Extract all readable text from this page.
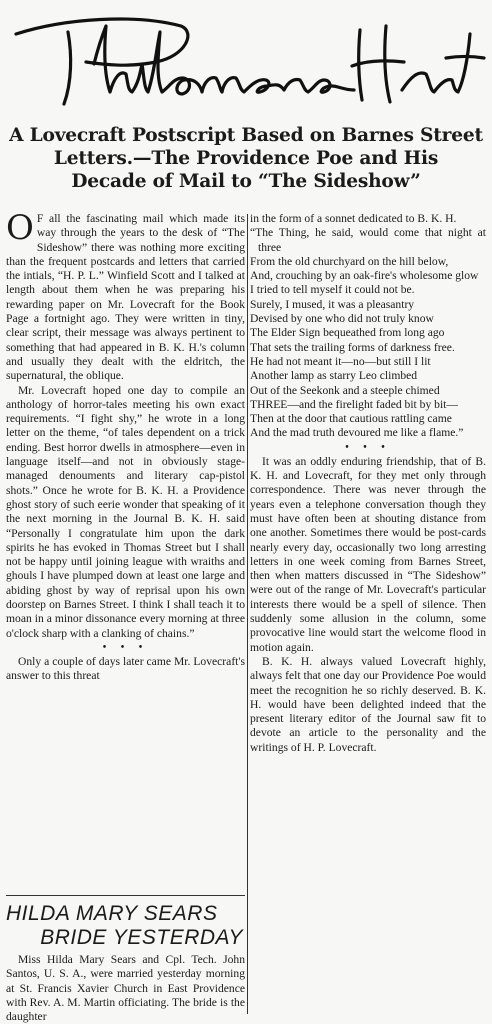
A Lovecraft Postscript Based on Barnes Street
Letters.—The Providence Poe and His
Decade of Mail to “The Sideshow”

O F all the fascinating mail which made its way through the years to the desk of “The Sideshow” there was nothing more exciting than the frequent postcards and letters that carried the intials, “H. P. L.” Winfield Scott and I talked at length about them when he was preparing his rewarding paper on Mr. Lovecraft for the Book Page a fortnight ago. They were written in tiny, clear script, their message was always pertinent to something that had appeared in B. K. H.'s column and usually they dealt with the eldritch, the supernatural, the oblique.

Mr. Lovecraft hoped one day to compile an anthology of horror-tales meeting his own exact requirements. “I fight shy,” he wrote in a long letter on the theme, “of tales dependent on a trick ending. Best horror dwells in atmosphere—even in language itself—and not in obviously stage-managed denouments and literary cap-pistol shots.” Once he wrote for B. K. H. a Providence ghost story of such eerie wonder that speaking of it the next morning in the Journal B. K. H. said “Personally I congratulate him upon the dark spirits he has evoked in Thomas Street but I shall not be happy until joining league with wraiths and ghouls I have plumped down at least one large and abiding ghost by way of reprisal upon his own doorstep on Barnes Street. I think I shall teach it to moan in a minor dissonance every morning at three o'clock sharp with a clanking of chains.”

• • •

Only a couple of days later came Mr. Lovecraft's answer to this threat

HILDA MARY SEARS
BRIDE YESTERDAY

Miss Hilda Mary Sears and Cpl. Tech. John Santos, U. S. A., were married yesterday morning at St. Francis Xavier Church in East Providence with Rev. A. M. Martin officiating. The bride is the daughter

in the form of a sonnet dedicated to B. K. H.

“The Thing, he said, would come that night at three

From the old churchyard on the hill below,

And, crouching by an oak-fire's wholesome glow

I tried to tell myself it could not be.

Surely, I mused, it was a pleasantry

Devised by one who did not truly know

The Elder Sign bequeathed from long ago

That sets the trailing forms of darkness free.

He had not meant it—no—but still I lit

Another lamp as starry Leo climbed

Out of the Seekonk and a steeple chimed

THREE—and the firelight faded bit by bit—

Then at the door that cautious rattling came

And the mad truth devoured me like a flame.”

• • •

It was an oddly enduring friendship, that of B. K. H. and Lovecraft, for they met only through correspondence. There was never through the years even a telephone conversation though they must have often been at shouting distance from one another. Sometimes there would be post-cards nearly every day, occasionally two long arresting letters in one week coming from Barnes Street, then when matters discussed in “The Sideshow” were out of the range of Mr. Lovecraft's particular interests there would be a spell of silence. Then suddenly some allusion in the column, some provocative line would start the welcome flood in motion again.

B. K. H. always valued Lovecraft highly, always felt that one day our Providence Poe would meet the recognition he so richly deserved. B. K. H. would have been delighted indeed that the present literary editor of the Journal saw fit to devote an article to the personality and the writings of H. P. Lovecraft.
